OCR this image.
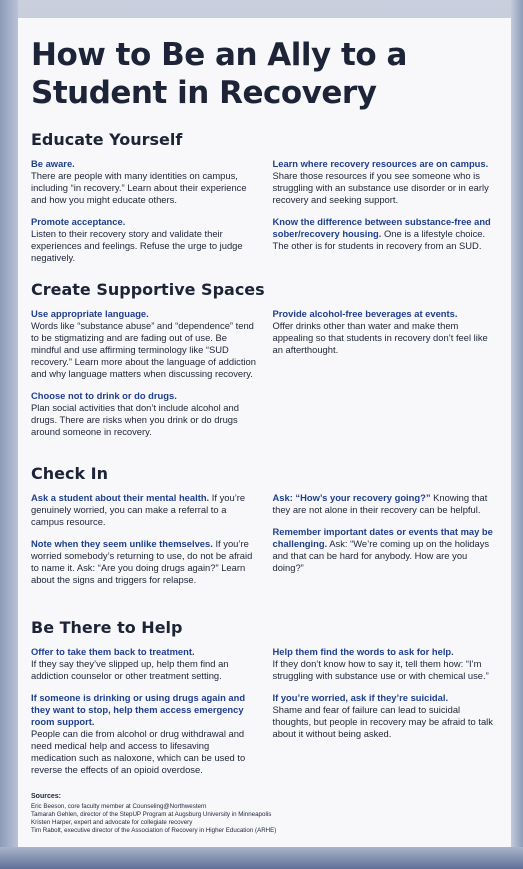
How to Be an Ally to a
Student in Recovery
Educate Yourself
Be aware.
There are people with many identities on campus, including “in recovery.” Learn about their experience and how you might educate others.
Promote acceptance.
Listen to their recovery story and validate their experiences and feelings. Refuse the urge to judge negatively.
Learn where recovery resources are on campus.
Share those resources if you see someone who is struggling with an substance use disorder or in early recovery and seeking support.
Know the difference between substance-free and sober/recovery housing. One is a lifestyle choice. The other is for students in recovery from an SUD.
Create Supportive Spaces
Use appropriate language.
Words like “substance abuse” and “dependence” tend to be stigmatizing and are fading out of use. Be mindful and use affirming terminology like “SUD recovery.” Learn more about the language of addiction and why language matters when discussing recovery.
Choose not to drink or do drugs.
Plan social activities that don’t include alcohol and drugs. There are risks when you drink or do drugs around someone in recovery.
Provide alcohol-free beverages at events.
Offer drinks other than water and make them appealing so that students in recovery don’t feel like an afterthought.
Check In
Ask a student about their mental health. If you’re genuinely worried, you can make a referral to a campus resource.
Note when they seem unlike themselves. If you’re worried somebody’s returning to use, do not be afraid to name it. Ask: “Are you doing drugs again?” Learn about the signs and triggers for relapse.
Ask: “How’s your recovery going?” Knowing that they are not alone in their recovery can be helpful.
Remember important dates or events that may be challenging. Ask: “We’re coming up on the holidays and that can be hard for anybody. How are you doing?”
Be There to Help
Offer to take them back to treatment.
If they say they’ve slipped up, help them find an addiction counselor or other treatment setting.
If someone is drinking or using drugs again and they want to stop, help them access emergency room support.
People can die from alcohol or drug withdrawal and need medical help and access to lifesaving medication such as naloxone, which can be used to reverse the effects of an opioid overdose.
Help them find the words to ask for help.
If they don’t know how to say it, tell them how: “I’m struggling with substance use or with chemical use.”
If you’re worried, ask if they’re suicidal.
Shame and fear of failure can lead to suicidal thoughts, but people in recovery may be afraid to talk about it without being asked.
Sources:
Eric Beeson, core faculty member at Counseling@Northwestern
Tamarah Gehlen, director of the StepUP Program at Augsburg University in Minneapolis
Kristen Harper, expert and advocate for collegiate recovery
Tim Rabolt, executive director of the Association of Recovery in Higher Education (ARHE)
